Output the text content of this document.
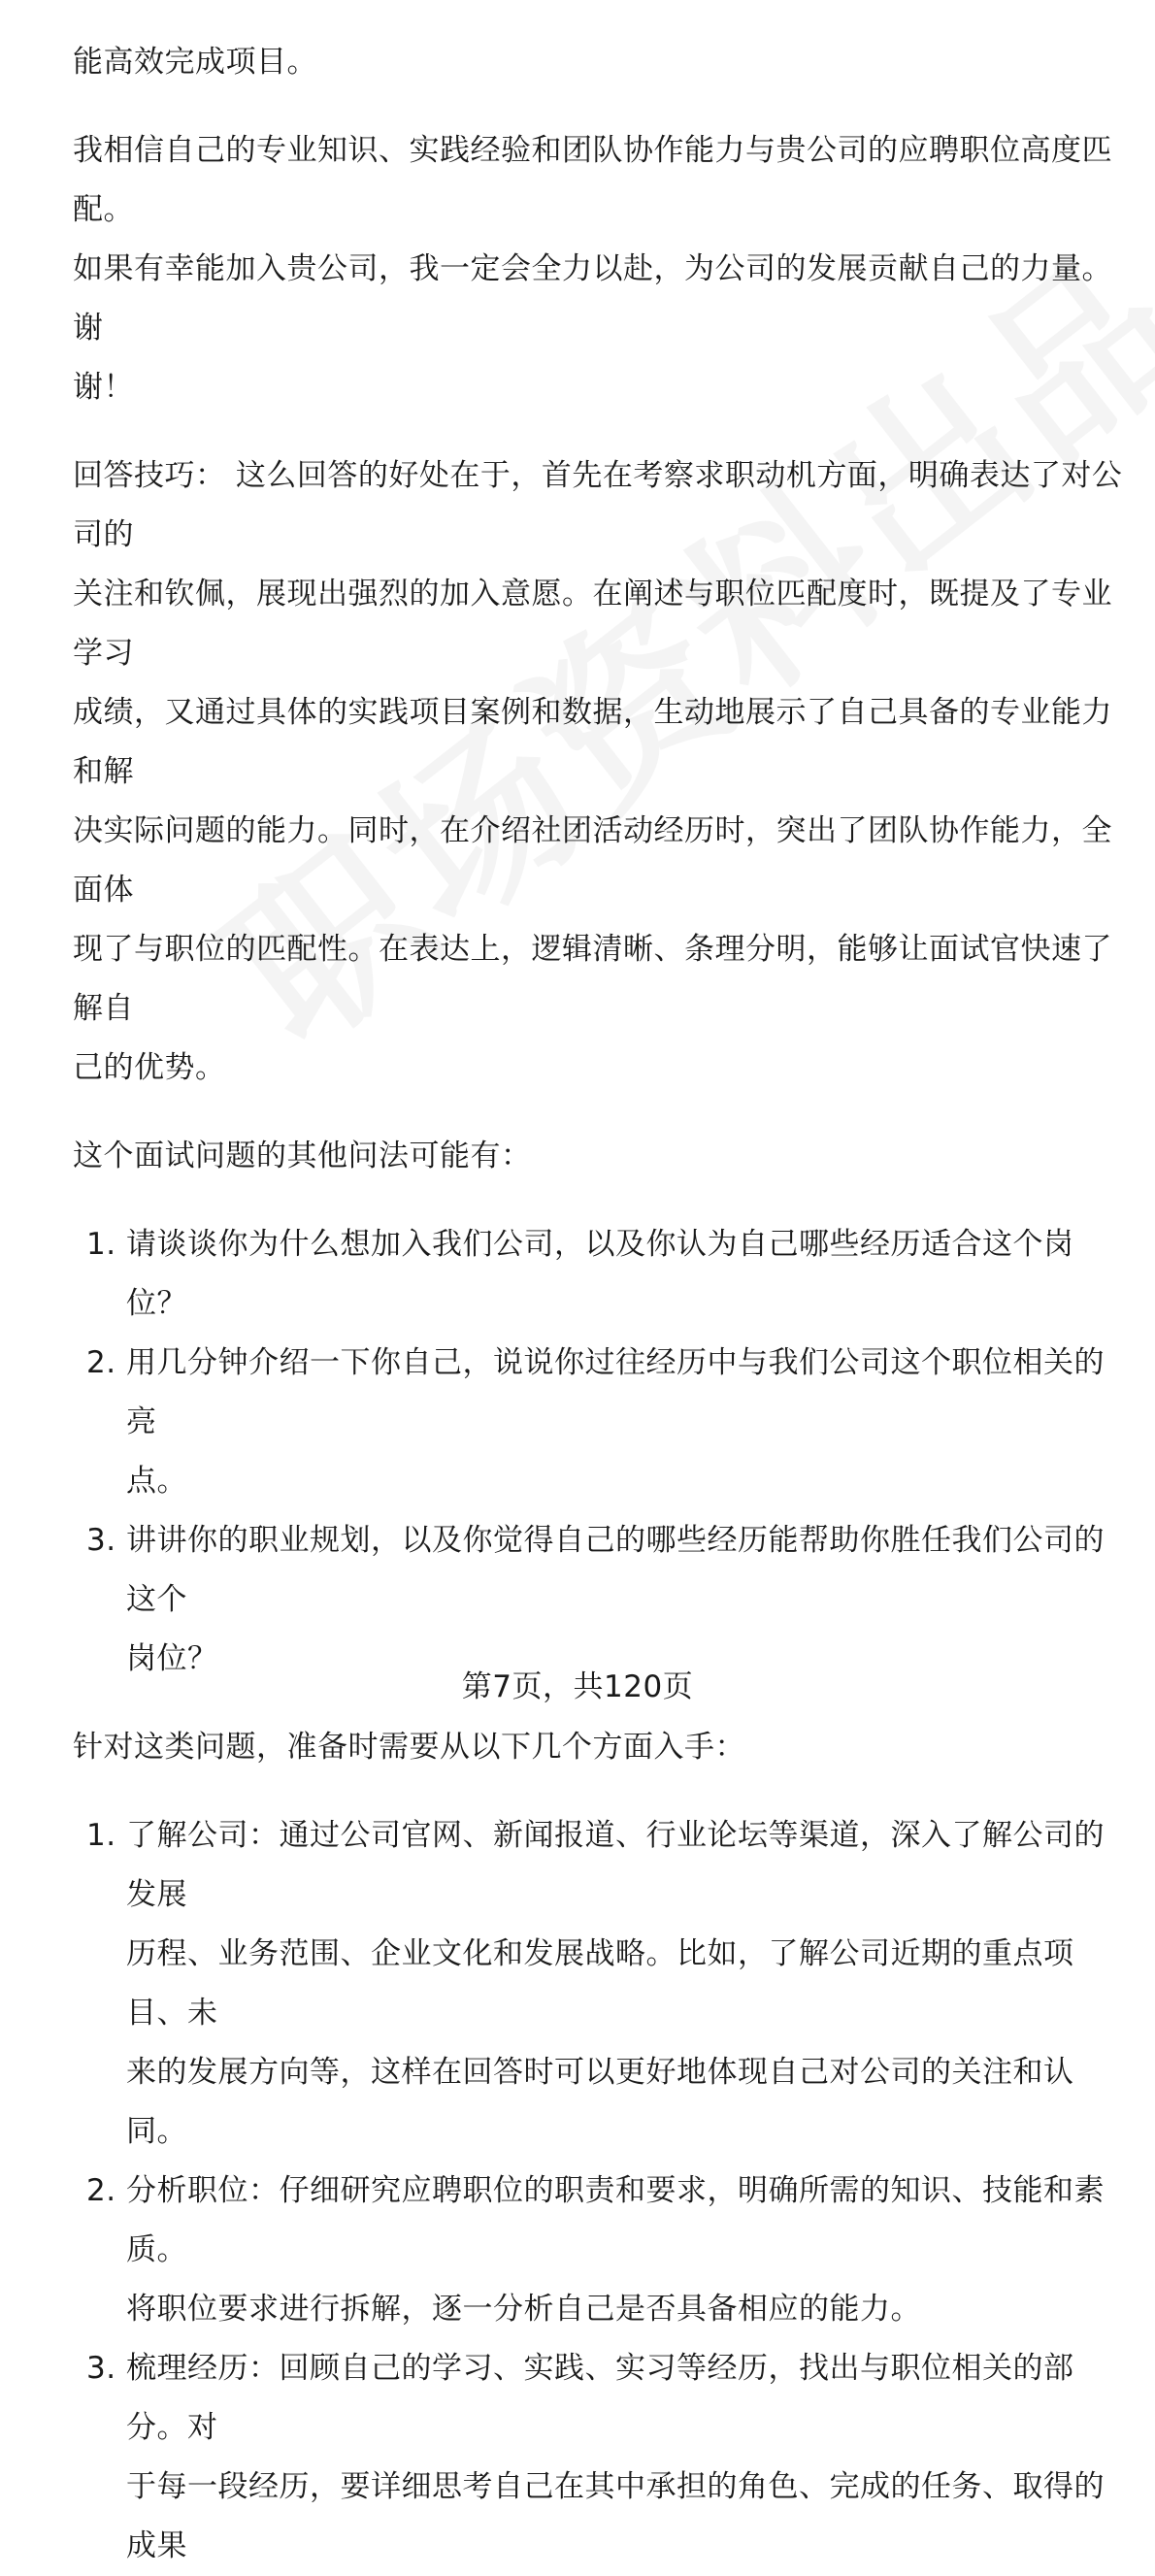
能高效完成项目。

我相信自己的专业知识、实践经验和团队协作能力与贵公司的应聘职位高度匹配。

如果有幸能加入贵公司，我一定会全力以赴，为公司的发展贡献自己的力量。谢

谢！

回答技巧： 这么回答的好处在于，首先在考察求职动机方面，明确表达了对公司的

关注和钦佩，展现出强烈的加入意愿。在阐述与职位匹配度时，既提及了专业学习

成绩，又通过具体的实践项目案例和数据，生动地展示了自己具备的专业能力和解

决实际问题的能力。同时，在介绍社团活动经历时，突出了团队协作能力，全面体

现了与职位的匹配性。在表达上，逻辑清晰、条理分明，能够让面试官快速了解自

己的优势。

这个面试问题的其他问法可能有：

1. 请谈谈你为什么想加入我们公司，以及你认为自己哪些经历适合这个岗位？
2. 用几分钟介绍一下你自己，说说你过往经历中与我们公司这个职位相关的亮
点。
3. 讲讲你的职业规划，以及你觉得自己的哪些经历能帮助你胜任我们公司的这个
岗位？

针对这类问题，准备时需要从以下几个方面入手：

1. 了解公司：通过公司官网、新闻报道、行业论坛等渠道，深入了解公司的发展
历程、业务范围、企业文化和发展战略。比如，了解公司近期的重点项目、未
来的发展方向等，这样在回答时可以更好地体现自己对公司的关注和认同。
2. 分析职位：仔细研究应聘职位的职责和要求，明确所需的知识、技能和素质。
将职位要求进行拆解，逐一分析自己是否具备相应的能力。
3. 梳理经历：回顾自己的学习、实践、实习等经历，找出与职位相关的部分。对
于每一段经历，要详细思考自己在其中承担的角色、完成的任务、取得的成果
第7页，共120页
